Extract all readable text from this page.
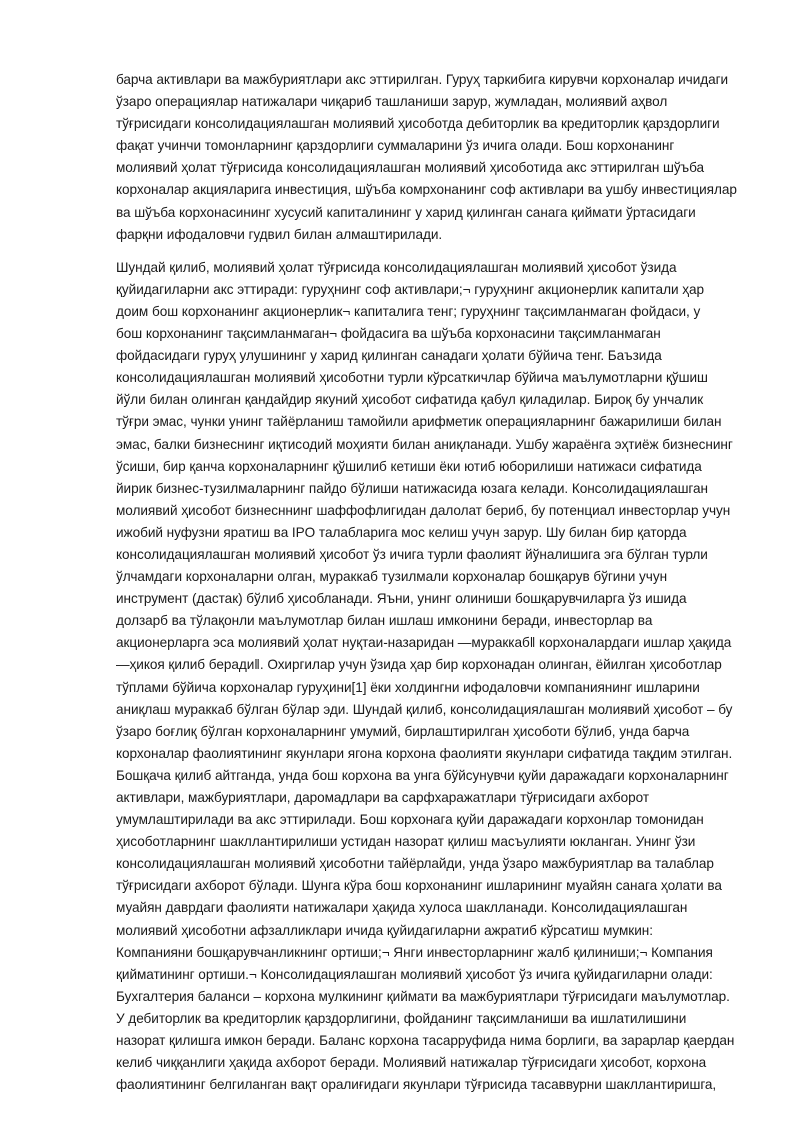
барча активлари ва мажбуриятлари акс эттирилган. Гуруҳ таркибига кирувчи корхоналар ичидаги
ўзаро операциялар натижалари чиқариб ташланиши зарур, жумладан, молиявий аҳвол
тўғрисидаги консолидациялашган молиявий ҳисоботда дебиторлик ва кредиторлик қарздорлиги
фақат учинчи томонларнинг қарздорлиги суммаларини ўз ичига олади. Бош корхонанинг
молиявий ҳолат тўғрисида консолидациялашган молиявий ҳисоботида акс эттирилган шўъба
корхоналар акцияларига инвестиция, шўъба комрхонанинг соф активлари ва ушбу инвестициялар
ва шўъба корхонасининг хусусий капиталининг у харид қилинган санага қиймати ўртасидаги
фарқни ифодаловчи гудвил билан алмаштирилади.

Шундай қилиб, молиявий ҳолат тўғрисида консолидациялашган молиявий ҳисобот ўзида
қуйидагиларни акс эттиради: гуруҳнинг соф активлари;¬ гуруҳнинг акционерлик капитали ҳар
доим бош корхонанинг акционерлик¬ капиталига тенг; гуруҳнинг тақсимланмаган фойдаси, у
бош корхонанинг тақсимланмаган¬ фойдасига ва шўъба корхонасини тақсимланмаган
фойдасидаги гуруҳ улушининг у харид қилинган санадаги ҳолати бўйича тенг. Баъзида
консолидациялашган молиявий ҳисоботни турли кўрсаткичлар бўйича маълумотларни қўшиш
йўли билан олинган қандайдир якуний ҳисобот сифатида қабул қиладилар. Бироқ бу унчалик
тўғри эмас, чунки унинг тайёрланиш тамойили арифметик операцияларнинг бажарилиши билан
эмас, балки бизнеснинг иқтисодий моҳияти билан аниқланади. Ушбу жараёнга эҳтиёж бизнеснинг
ўсиши, бир қанча корхоналарнинг қўшилиб кетиши ёки ютиб юборилиши натижаси сифатида
йирик бизнес-тузилмаларнинг пайдо бўлиши натижасида юзага келади. Консолидациялашган
молиявий ҳисобот бизнесннинг шаффофлигидан далолат бериб, бу потенциал инвесторлар учун
ижобий нуфузни яратиш ва IPO талабларига мос келиш учун зарур. Шу билан бир қаторда
консолидациялашган молиявий ҳисобот ўз ичига турли фаолият йўналишига эга бўлган турли
ўлчамдаги корхоналарни олган, мураккаб тузилмали корхоналар бошқарув бўгини учун
инструмент (дастак) бўлиб ҳисобланади. Яъни, унинг олиниши бошқарувчиларга ўз ишида
долзарб ва тўлақонли маълумотлар билан ишлаш имконини беради, инвесторлар ва
акционерларга эса молиявий ҳолат нуқтаи-назаридан ―мураккаб‖ корхоналардаги ишлар ҳақида
―ҳикоя қилиб беради‖. Охиргилар учун ўзида ҳар бир корхонадан олинган, ёйилган ҳисоботлар
тўплами бўйича корхоналар гуруҳини[1] ёки холдингни ифодаловчи компаниянинг ишларини
аниқлаш мураккаб бўлган бўлар эди. Шундай қилиб, консолидациялашган молиявий ҳисобот – бу
ўзаро боғлиқ бўлган корхоналарнинг умумий, бирлаштирилган ҳисоботи бўлиб, унда барча
корхоналар фаолиятининг якунлари ягона корхона фаолияти якунлари сифатида тақдим этилган.
Бошқача қилиб айтганда, унда бош корхона ва унга бўйсунувчи қуйи даражадаги корхоналарнинг
активлари, мажбуриятлари, даромадлари ва сарфхаражатлари тўғрисидаги ахборот
умумлаштирилади ва акс эттирилади. Бош корхонага қуйи даражадаги корхонлар томонидан
ҳисоботларнинг шакллантирилиши устидан назорат қилиш масъулияти юкланган. Унинг ўзи
консолидациялашган молиявий ҳисоботни тайёрлайди, унда ўзаро мажбуриятлар ва талаблар
тўғрисидаги ахборот бўлади. Шунга кўра бош корхонанинг ишларининг муайян санага ҳолати ва
муайян даврдаги фаолияти натижалари ҳақида хулоса шаклланади. Консолидациялашган
молиявий ҳисоботни афзалликлари ичида қуйидагиларни ажратиб кўрсатиш мумкин:
Компанияни бошқарувчанликнинг ортиши;¬ Янги инвесторларнинг жалб қилиниши;¬ Компания
қийматининг ортиши.¬ Консолидациялашган молиявий ҳисобот ўз ичига қуйидагиларни олади:
Бухгалтерия баланси – корхона мулкининг қиймати ва мажбуриятлари тўғрисидаги маълумотлар.
У дебиторлик ва кредиторлик қарздорлигини, фойданинг тақсимланиши ва ишлатилишини
назорат қилишга имкон беради. Баланс корхона тасарруфида нима борлиги, ва зарарлар қаердан
келиб чиққанлиги ҳақида ахборот беради. Молиявий натижалар тўғрисидаги ҳисобот, корхона
фаолиятининг белгиланган вақт оралиғидаги якунлари тўғрисида тасаввурни шакллантиришга,
